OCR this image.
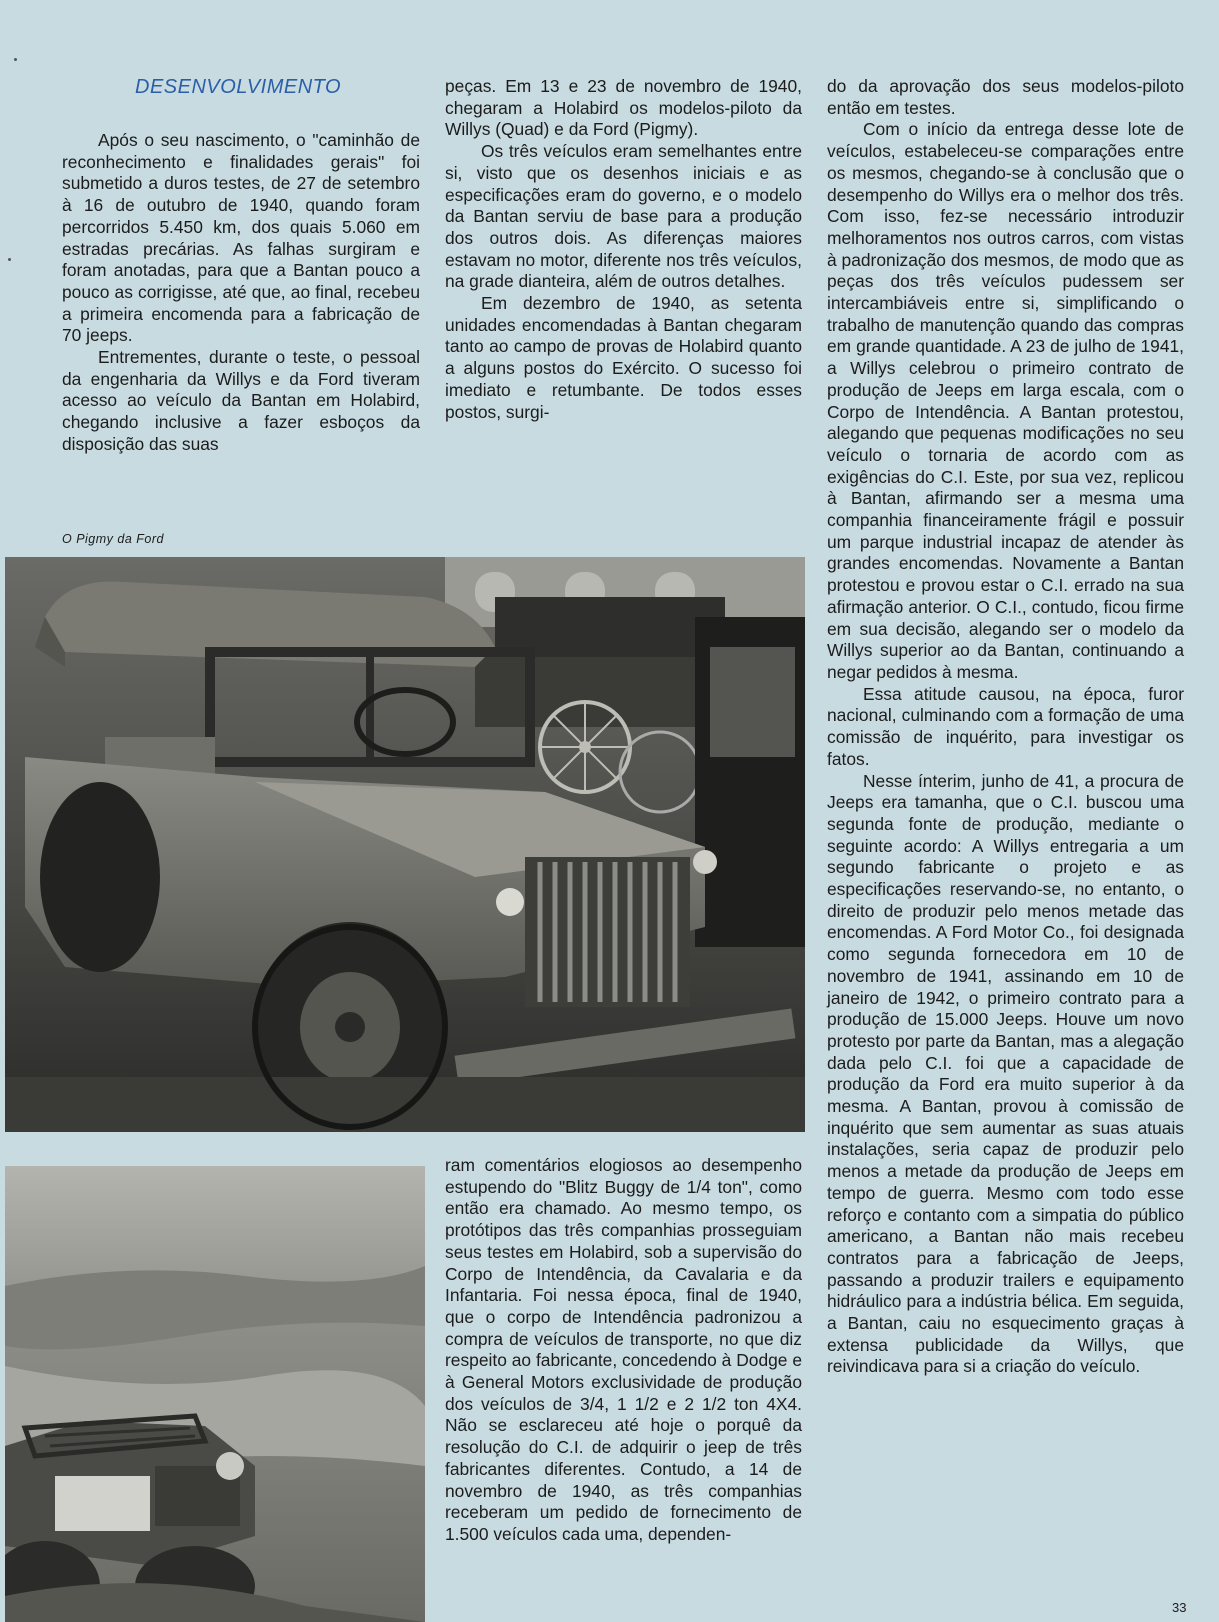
DESENVOLVIMENTO

Após o seu nascimento, o "caminhão de reconhecimento e finalidades gerais" foi submetido a duros testes, de 27 de setembro à 16 de outubro de 1940, quando foram percorridos 5.450 km, dos quais 5.060 em estradas precárias. As falhas surgiram e foram anotadas, para que a Bantan pouco a pouco as corrigisse, até que, ao final, recebeu a primeira encomenda para a fabricação de 70 jeeps.

Entrementes, durante o teste, o pessoal da engenharia da Willys e da Ford tiveram acesso ao veículo da Bantan em Holabird, chegando inclusive a fazer esboços da disposição das suas

peças. Em 13 e 23 de novembro de 1940, chegaram a Holabird os modelos-piloto da Willys (Quad) e da Ford (Pigmy).

Os três veículos eram semelhantes entre si, visto que os desenhos iniciais e as especificações eram do governo, e o modelo da Bantan serviu de base para a produção dos outros dois. As diferenças maiores estavam no motor, diferente nos três veículos, na grade dianteira, além de outros detalhes.

Em dezembro de 1940, as setenta unidades encomendadas à Bantan chegaram tanto ao campo de provas de Holabird quanto a alguns postos do Exército. O sucesso foi imediato e retumbante. De todos esses postos, surgi-

O Pigmy da Ford

ram comentários elogiosos ao desempenho estupendo do "Blitz Buggy de 1/4 ton", como então era chamado. Ao mesmo tempo, os protótipos das três companhias prosseguiam seus testes em Holabird, sob a supervisão do Corpo de Intendência, da Cavalaria e da Infantaria. Foi nessa época, final de 1940, que o corpo de Intendência padronizou a compra de veículos de transporte, no que diz respeito ao fabricante, concedendo à Dodge e à General Motors exclusividade de produção dos veículos de 3/4, 1 1/2 e 2 1/2 ton 4X4. Não se esclareceu até hoje o porquê da resolução do C.I. de adquirir o jeep de três fabricantes diferentes. Contudo, a 14 de novembro de 1940, as três companhias receberam um pedido de fornecimento de 1.500 veículos cada uma, dependen-

do da aprovação dos seus modelos-piloto então em testes.

Com o início da entrega desse lote de veículos, estabeleceu-se comparações entre os mesmos, chegando-se à conclusão que o desempenho do Willys era o melhor dos três. Com isso, fez-se necessário introduzir melhoramentos nos outros carros, com vistas à padronização dos mesmos, de modo que as peças dos três veículos pudessem ser intercambiáveis entre si, simplificando o trabalho de manutenção quando das compras em grande quantidade. A 23 de julho de 1941, a Willys celebrou o primeiro contrato de produção de Jeeps em larga escala, com o Corpo de Intendência. A Bantan protestou, alegando que pequenas modificações no seu veículo o tornaria de acordo com as exigências do C.I. Este, por sua vez, replicou à Bantan, afirmando ser a mesma uma companhia financeiramente frágil e possuir um parque industrial incapaz de atender às grandes encomendas. Novamente a Bantan protestou e provou estar o C.I. errado na sua afirmação anterior. O C.I., contudo, ficou firme em sua decisão, alegando ser o modelo da Willys superior ao da Bantan, continuando a negar pedidos à mesma.

Essa atitude causou, na época, furor nacional, culminando com a formação de uma comissão de inquérito, para investigar os fatos.

Nesse ínterim, junho de 41, a procura de Jeeps era tamanha, que o C.I. buscou uma segunda fonte de produção, mediante o seguinte acordo: A Willys entregaria a um segundo fabricante o projeto e as especificações reservando-se, no entanto, o direito de produzir pelo menos metade das encomendas. A Ford Motor Co., foi designada como segunda fornecedora em 10 de novembro de 1941, assinando em 10 de janeiro de 1942, o primeiro contrato para a produção de 15.000 Jeeps. Houve um novo protesto por parte da Bantan, mas a alegação dada pelo C.I. foi que a capacidade de produção da Ford era muito superior à da mesma. A Bantan, provou à comissão de inquérito que sem aumentar as suas atuais instalações, seria capaz de produzir pelo menos a metade da produção de Jeeps em tempo de guerra. Mesmo com todo esse reforço e contanto com a simpatia do público americano, a Bantan não mais recebeu contratos para a fabricação de Jeeps, passando a produzir trailers e equipamento hidráulico para a indústria bélica. Em seguida, a Bantan, caiu no esquecimento graças à extensa publicidade da Willys, que reivindicava para si a criação do veículo.

33
